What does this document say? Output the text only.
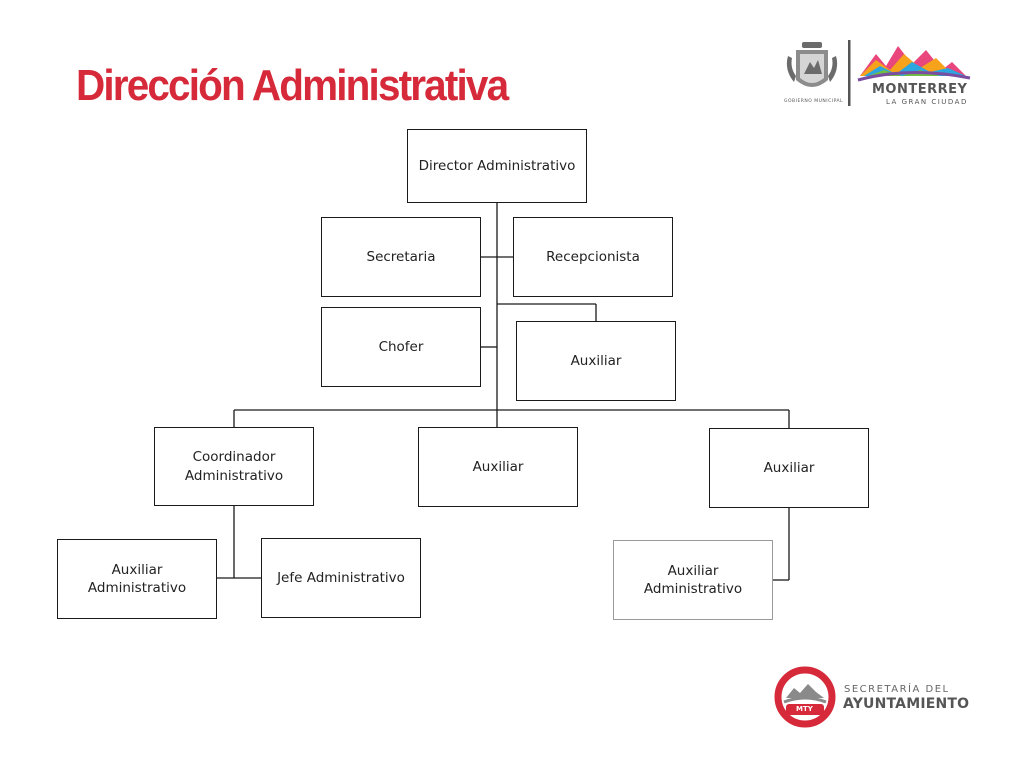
Dirección Administrativa
Director Administrativo
Secretaria	Recepcionista
Chofer
Auxiliar
Coordinador
Administrativo
Auxiliar	Auxiliar
Auxiliar
Administrativo
Jefe Administrativo	Auxiliar
Administrativo
GOBIERNO MUNICIPAL
MONTERREY
LA GRAN CIUDAD
MTY
SECRETARÍA DEL
AYUNTAMIENTO
